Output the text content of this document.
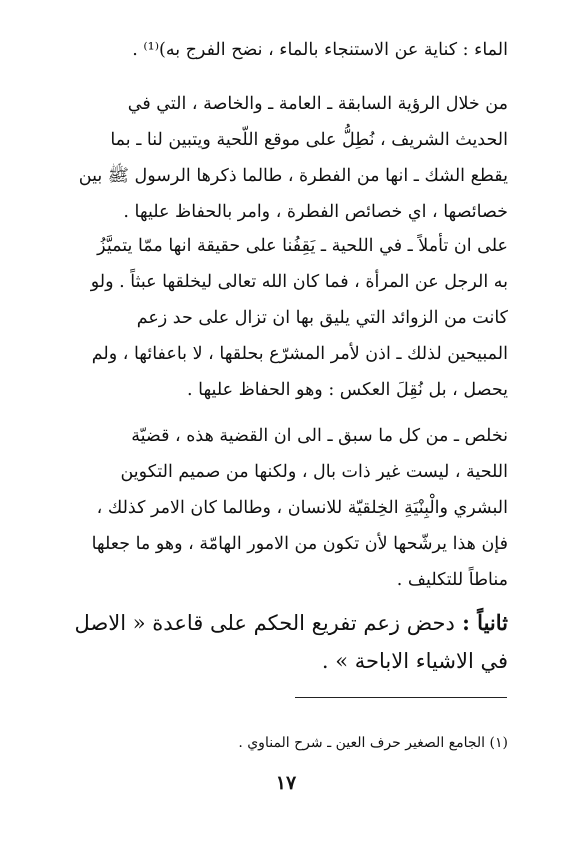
الماء : كناية عن الاستنجاء بالماء ، نضح الفرج به)⁽¹⁾ .
من خلال الرؤية السابقة ـ العامة ـ والخاصة ، التي في
الحديث الشريف ، نُطِلُّ على موقع اللّحية ويتبين لنا ـ بما
يقطع الشك ـ انها من الفطرة ، طالما ذكرها الرسول ﷺ بين
خصائصها ، اي خصائص الفطرة ، وامر بالحفاظ عليها .
على ان تأملاً ـ في اللحية ـ يَقِفُنا على حقيقة انها ممّا يتميَّزُ
به الرجل عن المرأة ، فما كان الله تعالى ليخلقها عبثاً . ولو
كانت من الزوائد التي يليق بها ان تزال على حد زعم
المبيحين لذلك ـ اذن لأمر المشرّع بحلقها ، لا باعفائها ، ولم
يحصل ، بل نُقِلَ العكس : وهو الحفاظ عليها .
نخلص ـ من كل ما سبق ـ الى ان القضية هذه ، قضيّة
اللحية ، ليست غير ذات بال ، ولكنها من صميم التكوين
البشري والْبِنْيَةِ الخِلقيّة للانسان ، وطالما كان الامر كذلك ،
فإن هذا يرشّحها لأن تكون من الامور الهامّة ، وهو ما جعلها
مناطاً للتكليف .
ثانياً : دحض زعم تفريع الحكم على قاعدة « الاصل
في الاشياء الاباحة » .
(١) الجامع الصغير حرف العين ـ شرح المناوي .
١٧
